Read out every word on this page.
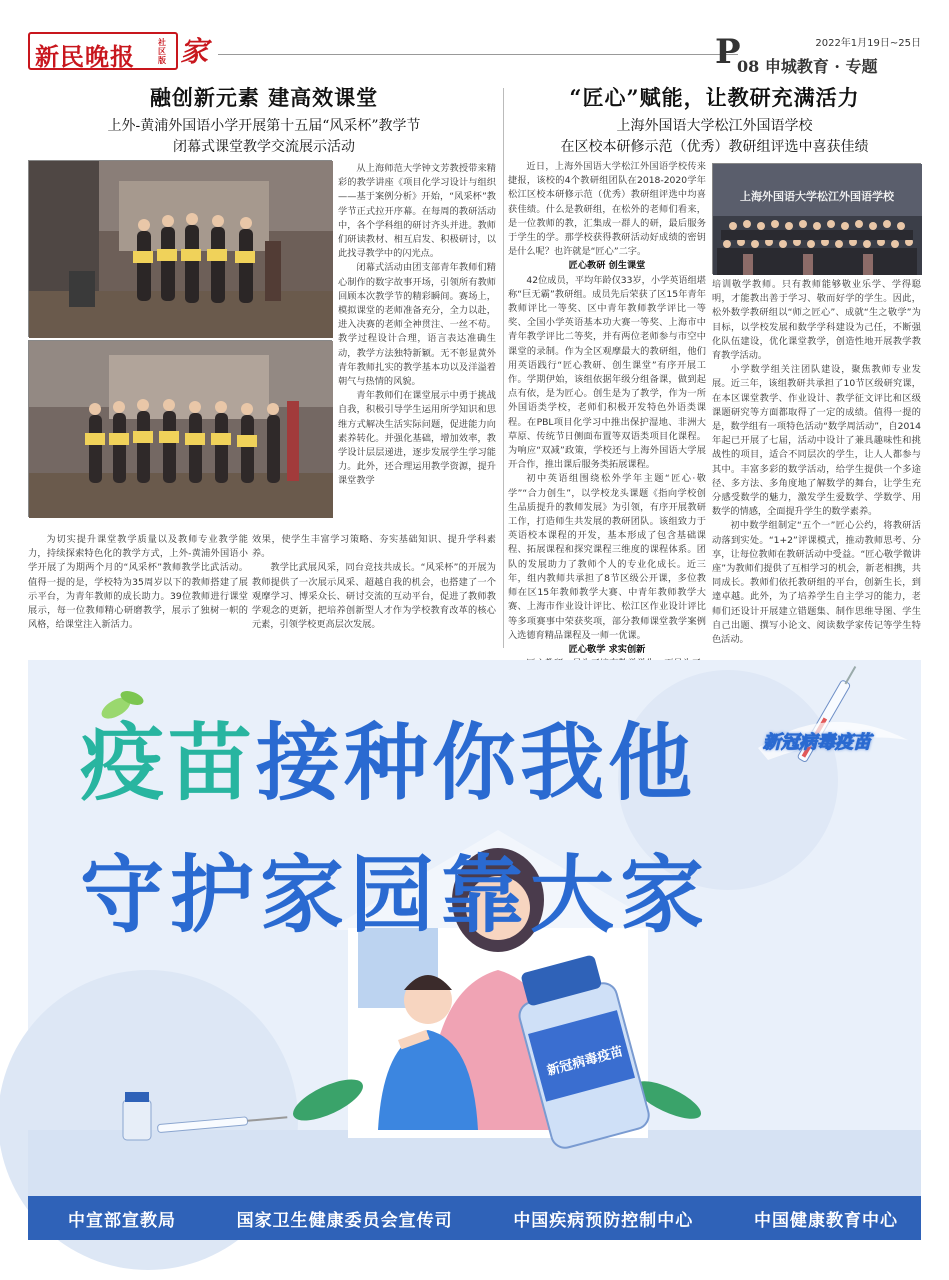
新民晚报	社区版 家	2022年1月19日~25日
P
08 申城教育 · 专题
融创新元素 建高效课堂
上外-黄浦外国语小学开展第十五届“风采杯”教学节
闭幕式课堂教学交流展示活动

从上海师范大学钟文芳教授带来精彩的教学讲座《项目化学习设计与组织——基于案例分析》开始，“风采杯”教学节正式拉开序幕。在每周的教研活动中，各个学科组的研讨齐头并进。教师们研读教材、相互启发、积极研讨，以此找寻教学中的闪光点。

闭幕式活动由团支部青年教师们精心制作的数字故事开场，引领所有教师回顾本次教学节的精彩瞬间。赛场上，模拟课堂的老师准备充分，全力以赴，进入决赛的老师全神贯注、一丝不苟。教学过程设计合理，语言表达准确生动，教学方法独特新颖。无不彰显黄外青年教师扎实的教学基本功以及洋溢着朝气与热情的风貌。

青年教师们在课堂展示中勇于挑战自我，积极引导学生运用所学知识和思维方式解决生活实际问题，促进能力向素养转化。并强化基础，增加效率，教学设计层层递进，逐步发展学生学习能力。此外，还合理运用教学资源，提升课堂教学

为切实提升课堂教学质量以及教师专业教学能力，持续探索特色化的教学方式，上外-黄浦外国语小学开展了为期两个月的“风采杯”教师教学比武活动。值得一提的是，学校特为35周岁以下的教师搭建了展示平台，为青年教师的成长助力。39位教师进行课堂展示，每一位教师精心研磨教学，展示了独树一帜的风格，给课堂注入新活力。

效果，使学生丰富学习策略、夯实基础知识、提升学科素养。

教学比武展风采，同台竞技共成长。“风采杯”的开展为教师提供了一次展示风采、超越自我的机会，也搭建了一个观摩学习、博采众长、研讨交流的互动平台，促进了教师教学观念的更新，把培养创新型人才作为学校教育改革的核心元素，引领学校更高层次发展。

“匠心”赋能，让教研充满活力
上海外国语大学松江外国语学校
在区校本研修示范（优秀）教研组评选中喜获佳绩
上海外国语大学松江外国语学校

近日，上海外国语大学松江外国语学校传来捷报，该校的4个教研组团队在2018-2020学年松江区校本研修示范（优秀）教研组评选中均喜获佳绩。什么是教研组，在松外的老师们看来，是一位教师的教，汇集成一群人的研，最后服务于学生的学。那学校获得教研活动好成绩的密钥是什么呢？也许就是“匠心”二字。

匠心教研 创生课堂

42位成员，平均年龄仅33岁，小学英语组堪称“巨无霸”教研组。成员先后荣获了区15年青年教师评比一等奖、区中青年教师教学评比一等奖、全国小学英语基本功大赛一等奖、上海市中青年教学评比二等奖，并有两位老师参与市空中课堂的录制。作为全区观摩最大的教研组，他们用英语践行“匠心教研、创生课堂”有序开展工作。学期伊始，该组依据年级分组备课，做到起点有依，是为匠心。创生是为了教学，作为一所外国语类学校，老师们积极开发特色外语类课程。在PBL项目化学习中推出保护湿地、非洲大草原、传统节日侧面布置等双语类项目化课程。为响应“双减”政策，学校还与上海外国语大学展开合作，推出课后服务类拓展课程。

初中英语组围绕松外学年主题“匠心·敬学”“合力创生”，以学校龙头课题《指向学校创生品质提升的教师发展》为引领，有序开展教研工作，打造师生共发展的教研团队。该组致力于英语校本课程的开发，基本形成了包含基础课程、拓展课程和探究课程三维度的课程体系。团队的发展助力了教师个人的专业化成长。近三年，组内教师共承担了8节区级公开课，多位教师在区15年教师教学大赛、中青年教师教学大赛、上海市作业设计评比、松江区作业设计评比等多项赛事中荣获奖项，部分教师课堂教学案例入选德育精品课程及一师一优课。

匠心敬学 求实创新

培训敬学教师。只有教师能够敬业乐学、学得聪明，才能教出善于学习、敬而好学的学生。因此，松外数学教研组以“师之匠心”、成就“生之敬学”为目标，以学校发展和数学学科建设为己任，不断强化队伍建设，优化课堂教学，创造性地开展教学教育教学活动。

小学数学组关注团队建设，聚焦教师专业发展。近三年，该组教研共承担了10节区级研究课，在本区课堂教学、作业设计、教学征文评比和区级课题研究等方面都取得了一定的成绩。值得一提的是，数学组有一项特色活动“数学周活动”，自2014年起已开展了七届，活动中设计了兼具趣味性和挑战性的项目，适合不同层次的学生，让人人都参与其中。丰富多彩的数学活动，给学生提供一个多途径、多方法、多角度地了解数学的舞台，让学生充分感受数学的魅力，激发学生爱数学、学数学、用数学的情感，全面提升学生的数学素养。

初中数学组制定“五个一”匠心公约，将教研活动落到实处。“1+2”评课模式，推动教师思考、分享，让每位教师在教研活动中受益。“匠心敬学微讲座”为教师们提供了互相学习的机会，新老相携，共同成长。教师们依托教研组的平台，创新生长，到達卓越。此外，为了培养学生自主学习的能力，老师们还设计开展建立错题集、制作思维导图、学生自己出题、撰写小论文、阅读数学家传记等学生特色活动。

新冠病毒疫苗
疫苗接种你我他
守护家园靠大家
新冠病毒疫苗
中宣部宣教局	国家卫生健康委员会宣传司	中国疾病预防控制中心	中国健康教育中心
